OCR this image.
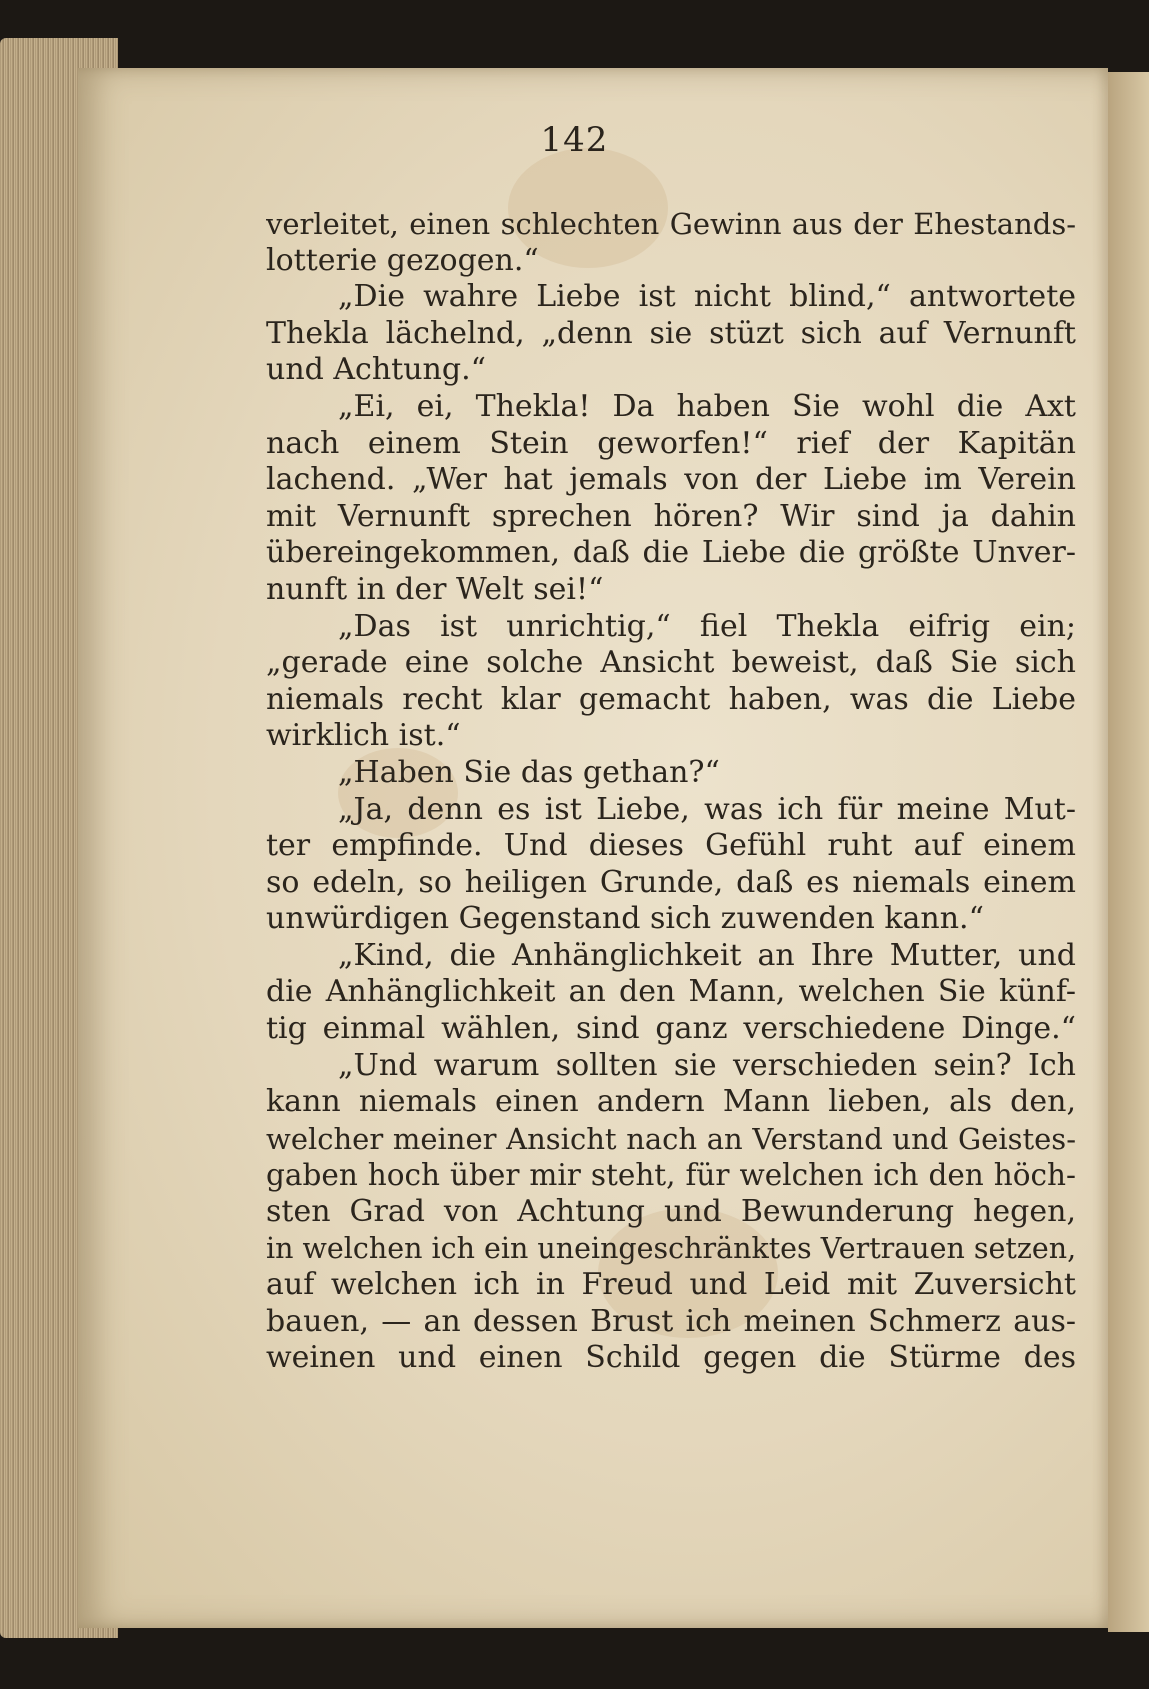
142
verleitet, einen schlechten Gewinn aus der Ehestands-
lotterie gezogen.“
„Die wahre Liebe ist nicht blind,“ antwortete
Thekla lächelnd, „denn sie stüzt sich auf Vernunft
und Achtung.“
„Ei, ei, Thekla! Da haben Sie wohl die Axt
nach einem Stein geworfen!“ rief der Kapitän
lachend. „Wer hat jemals von der Liebe im Verein
mit Vernunft sprechen hören? Wir sind ja dahin
übereingekommen, daß die Liebe die größte Unver-
nunft in der Welt sei!“
„Das ist unrichtig,“ fiel Thekla eifrig ein;
„gerade eine solche Ansicht beweist, daß Sie sich
niemals recht klar gemacht haben, was die Liebe
wirklich ist.“
„Haben Sie das gethan?“
„Ja, denn es ist Liebe, was ich für meine Mut-
ter empfinde. Und dieses Gefühl ruht auf einem
so edeln, so heiligen Grunde, daß es niemals einem
unwürdigen Gegenstand sich zuwenden kann.“
„Kind, die Anhänglichkeit an Ihre Mutter, und
die Anhänglichkeit an den Mann, welchen Sie künf-
tig einmal wählen, sind ganz verschiedene Dinge.“
„Und warum sollten sie verschieden sein? Ich
kann niemals einen andern Mann lieben, als den,
welcher meiner Ansicht nach an Verstand und Geistes-
gaben hoch über mir steht, für welchen ich den höch-
sten Grad von Achtung und Bewunderung hegen,
in welchen ich ein uneingeschränktes Vertrauen setzen,
auf welchen ich in Freud und Leid mit Zuversicht
bauen, — an dessen Brust ich meinen Schmerz aus-
weinen und einen Schild gegen die Stürme des
